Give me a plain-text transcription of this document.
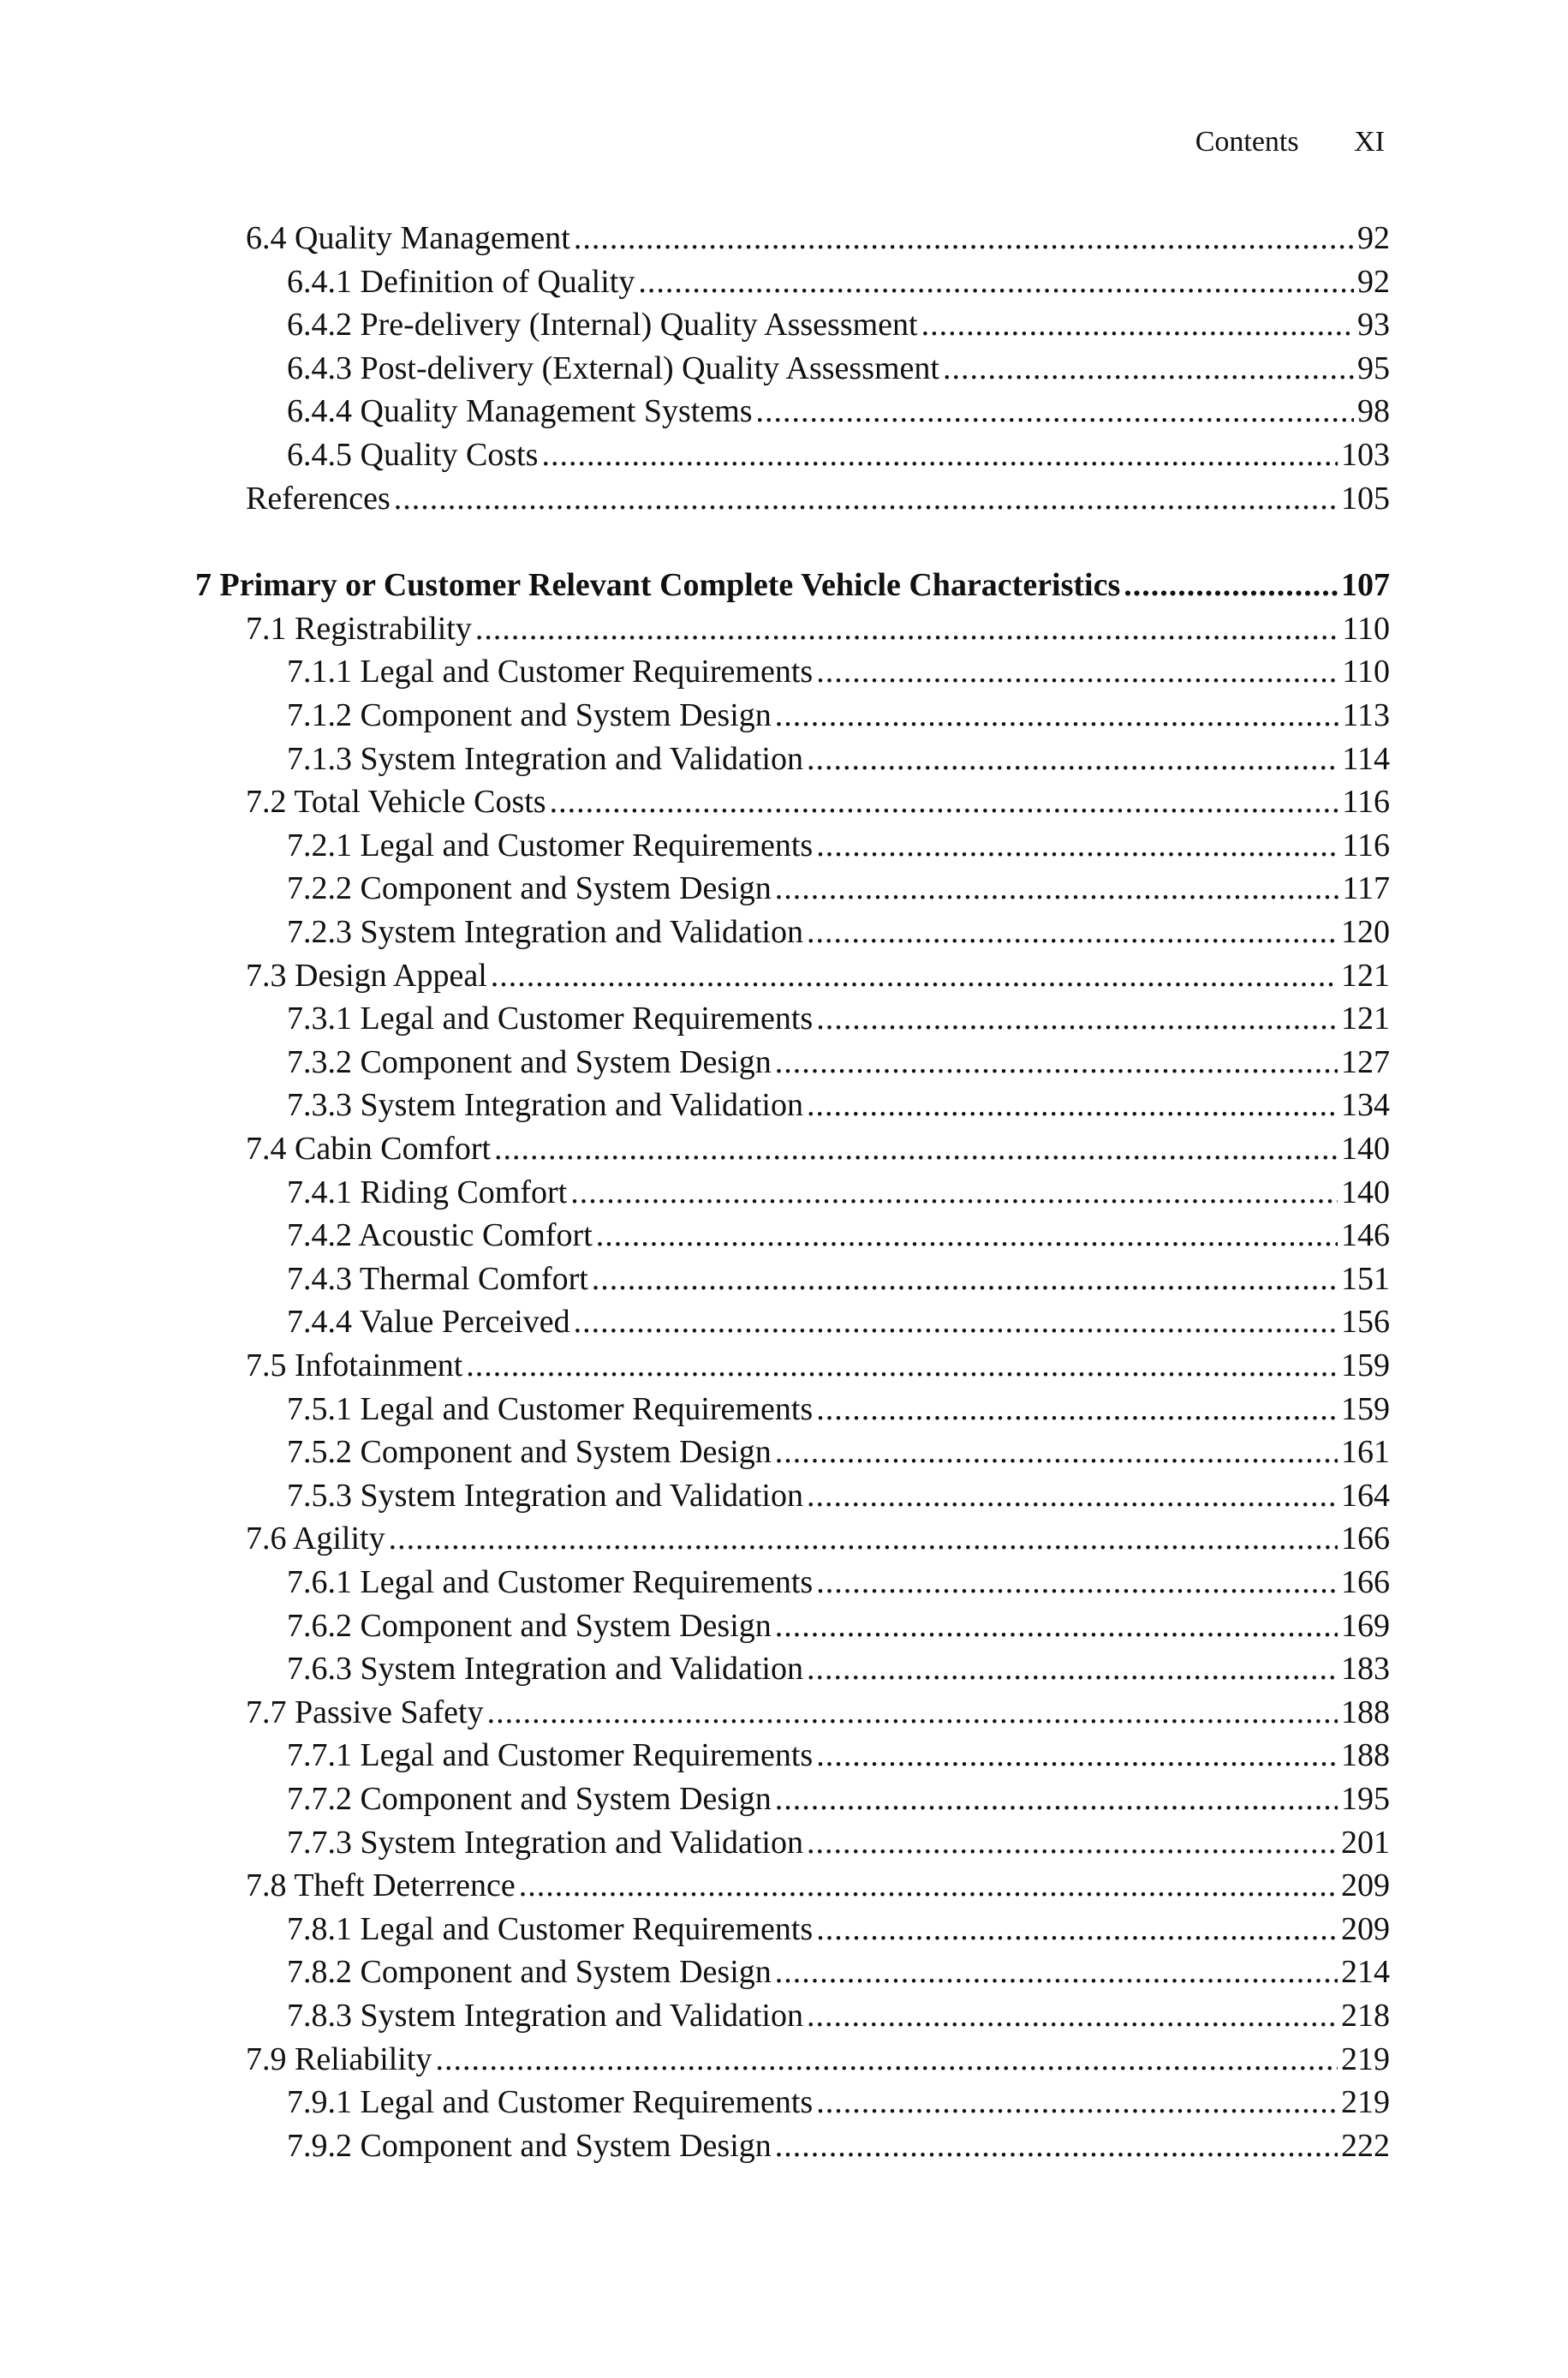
Contents XI
6.4 Quality Management .....	92
6.4.1 Definition of Quality .....	92
6.4.2 Pre-delivery (Internal) Quality Assessment .....	93
6.4.3 Post-delivery (External) Quality Assessment .....	95
6.4.4 Quality Management Systems .....	98
6.4.5 Quality Costs .....	103
References .....	105
7 Primary or Customer Relevant Complete Vehicle Characteristics .....	107
7.1 Registrability .....	110
7.1.1 Legal and Customer Requirements .....	110
7.1.2 Component and System Design .....	113
7.1.3 System Integration and Validation .....	114
7.2 Total Vehicle Costs .....	116
7.2.1 Legal and Customer Requirements .....	116
7.2.2 Component and System Design .....	117
7.2.3 System Integration and Validation .....	120
7.3 Design Appeal .....	121
7.3.1 Legal and Customer Requirements .....	121
7.3.2 Component and System Design .....	127
7.3.3 System Integration and Validation .....	134
7.4 Cabin Comfort .....	140
7.4.1 Riding Comfort .....	140
7.4.2 Acoustic Comfort .....	146
7.4.3 Thermal Comfort .....	151
7.4.4 Value Perceived .....	156
7.5 Infotainment .....	159
7.5.1 Legal and Customer Requirements .....	159
7.5.2 Component and System Design .....	161
7.5.3 System Integration and Validation .....	164
7.6 Agility .....	166
7.6.1 Legal and Customer Requirements .....	166
7.6.2 Component and System Design .....	169
7.6.3 System Integration and Validation .....	183
7.7 Passive Safety .....	188
7.7.1 Legal and Customer Requirements .....	188
7.7.2 Component and System Design .....	195
7.7.3 System Integration and Validation .....	201
7.8 Theft Deterrence .....	209
7.8.1 Legal and Customer Requirements .....	209
7.8.2 Component and System Design .....	214
7.8.3 System Integration and Validation .....	218
7.9 Reliability .....	219
7.9.1 Legal and Customer Requirements .....	219
7.9.2 Component and System Design .....	222
